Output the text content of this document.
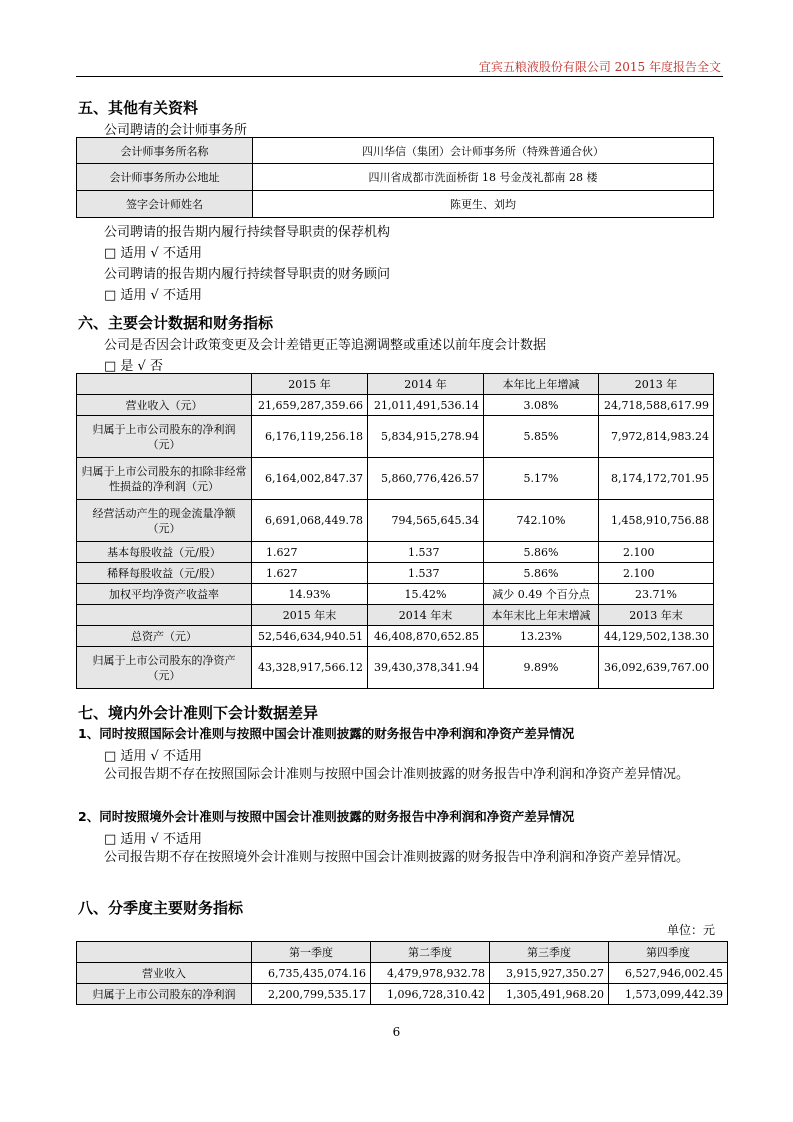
宜宾五粮液股份有限公司 2015 年度报告全文
五、其他有关资料
公司聘请的会计师事务所
会计师事务所名称	四川华信（集团）会计师事务所（特殊普通合伙）
会计师事务所办公地址	四川省成都市洗面桥街 18 号金茂礼都南 28 楼
签字会计师姓名	陈更生、刘均
公司聘请的报告期内履行持续督导职责的保荐机构
□ 适用 √ 不适用
公司聘请的报告期内履行持续督导职责的财务顾问
□ 适用 √ 不适用
六、主要会计数据和财务指标
公司是否因会计政策变更及会计差错更正等追溯调整或重述以前年度会计数据
□ 是 √ 否
	2015 年	2014 年	本年比上年增减	2013 年
营业收入（元）	21,659,287,359.66	21,011,491,536.14	3.08%	24,718,588,617.99
归属于上市公司股东的净利润（元）	6,176,119,256.18	5,834,915,278.94	5.85%	7,972,814,983.24
归属于上市公司股东的扣除非经常性损益的净利润（元）	6,164,002,847.37	5,860,776,426.57	5.17%	8,174,172,701.95
经营活动产生的现金流量净额（元）	6,691,068,449.78	794,565,645.34	742.10%	1,458,910,756.88
基本每股收益（元/股）	1.627	1.537	5.86%	2.100
稀释每股收益（元/股）	1.627	1.537	5.86%	2.100
加权平均净资产收益率	14.93%	15.42%	减少 0.49 个百分点	23.71%
	2015 年末	2014 年末	本年末比上年末增减	2013 年末
总资产（元）	52,546,634,940.51	46,408,870,652.85	13.23%	44,129,502,138.30
归属于上市公司股东的净资产（元）	43,328,917,566.12	39,430,378,341.94	9.89%	36,092,639,767.00
七、境内外会计准则下会计数据差异
1、同时按照国际会计准则与按照中国会计准则披露的财务报告中净利润和净资产差异情况
□ 适用 √ 不适用
公司报告期不存在按照国际会计准则与按照中国会计准则披露的财务报告中净利润和净资产差异情况。
2、同时按照境外会计准则与按照中国会计准则披露的财务报告中净利润和净资产差异情况
□ 适用 √ 不适用
公司报告期不存在按照境外会计准则与按照中国会计准则披露的财务报告中净利润和净资产差异情况。
八、分季度主要财务指标
单位：元
	第一季度	第二季度	第三季度	第四季度
营业收入	6,735,435,074.16	4,479,978,932.78	3,915,927,350.27	6,527,946,002.45
归属于上市公司股东的净利润	2,200,799,535.17	1,096,728,310.42	1,305,491,968.20	1,573,099,442.39
6
